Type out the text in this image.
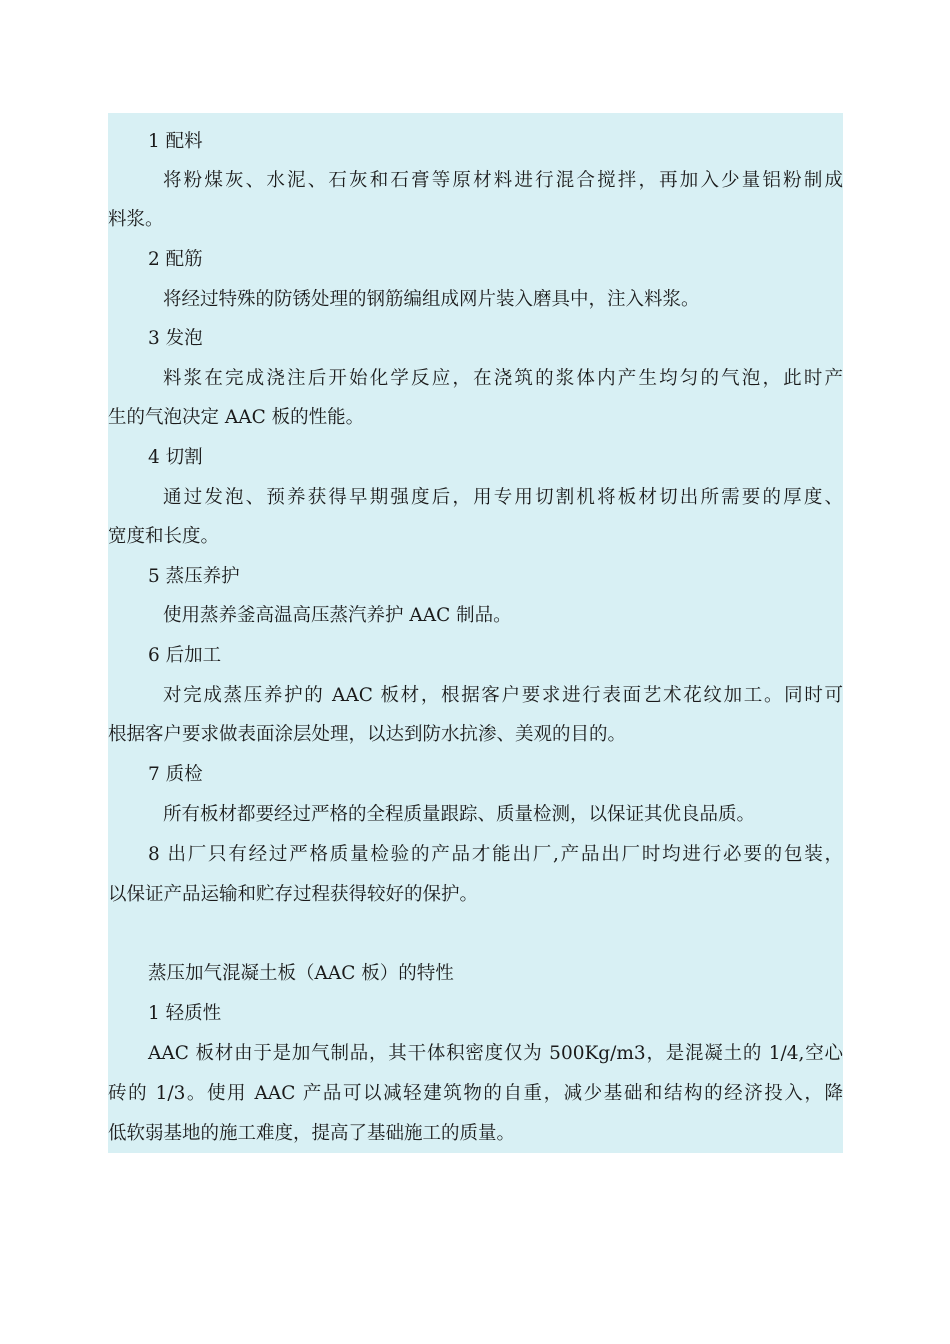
1 配料
将粉煤灰、水泥、石灰和石膏等原材料进行混合搅拌，再加入少量铝粉制成
料浆。
2 配筋
将经过特殊的防锈处理的钢筋编组成网片装入磨具中，注入料浆。
3 发泡
料浆在完成浇注后开始化学反应，在浇筑的浆体内产生均匀的气泡，此时产
生的气泡决定 AAC 板的性能。
4 切割
通过发泡、预养获得早期强度后，用专用切割机将板材切出所需要的厚度、
宽度和长度。
5 蒸压养护
使用蒸养釜高温高压蒸汽养护 AAC 制品。
6 后加工
对完成蒸压养护的 AAC 板材，根据客户要求进行表面艺术花纹加工。同时可
根据客户要求做表面涂层处理，以达到防水抗渗、美观的目的。
7 质检
所有板材都要经过严格的全程质量跟踪、质量检测，以保证其优良品质。
8 出厂只有经过严格质量检验的产品才能出厂,产品出厂时均进行必要的包装，
以保证产品运输和贮存过程获得较好的保护。
蒸压加气混凝土板（AAC 板）的特性
1 轻质性
AAC 板材由于是加气制品，其干体积密度仅为 500Kg/m3，是混凝土的 1/4,空心
砖的 1/3。使用 AAC 产品可以减轻建筑物的自重，减少基础和结构的经济投入，降
低软弱基地的施工难度，提高了基础施工的质量。
